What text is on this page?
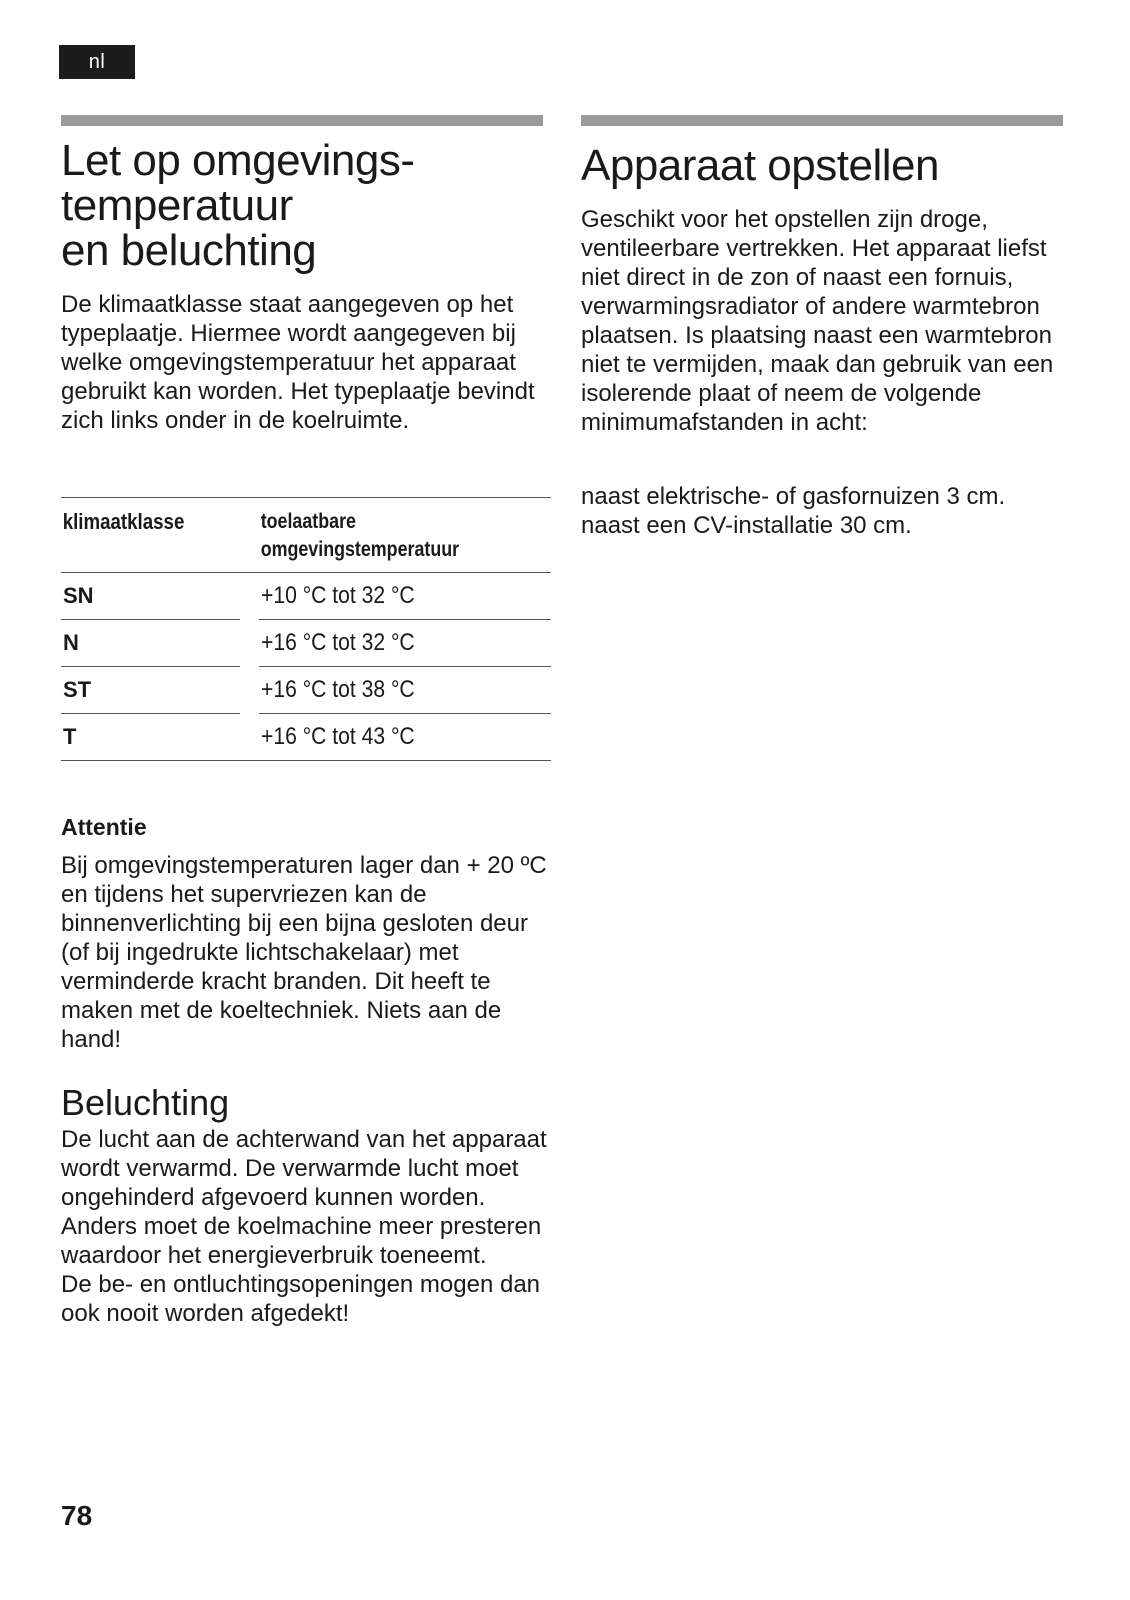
nl
Let op omgevings-
temperatuur
en beluchting

De klimaatklasse staat aangegeven op het typeplaatje. Hiermee wordt aangegeven bij welke omgevingstemperatuur het apparaat gebruikt kan worden. Het typeplaatje bevindt zich links onder in de koelruimte.

klimaatklasse		toelaatbare omgevingstemperatuur
SN		+10 °C tot 32 °C
N		+16 °C tot 32 °C
ST		+16 °C tot 38 °C
T		+16 °C tot 43 °C
Attentie

Bij omgevingstemperaturen lager dan + 20 ºC en tijdens het supervriezen kan de binnenverlichting bij een bijna gesloten deur (of bij ingedrukte lichtschakelaar) met verminderde kracht branden. Dit heeft te maken met de koeltechniek. Niets aan de hand!

Beluchting

De lucht aan de achterwand van het apparaat wordt verwarmd. De verwarmde lucht moet ongehinderd afgevoerd kunnen worden. Anders moet de koelmachine meer presteren waardoor het energieverbruik toeneemt.

De be- en ontluchtingsopeningen mogen dan ook nooit worden afgedekt!

Apparaat opstellen

Geschikt voor het opstellen zijn droge, ventileerbare vertrekken. Het apparaat liefst niet direct in de zon of naast een fornuis, verwarmingsradiator of andere warmtebron plaatsen. Is plaatsing naast een warmtebron niet te vermijden, maak dan gebruik van een isolerende plaat of neem de volgende minimumafstanden in acht:

naast elektrische- of gasfornuizen 3 cm.

naast een CV-installatie 30 cm.

78
